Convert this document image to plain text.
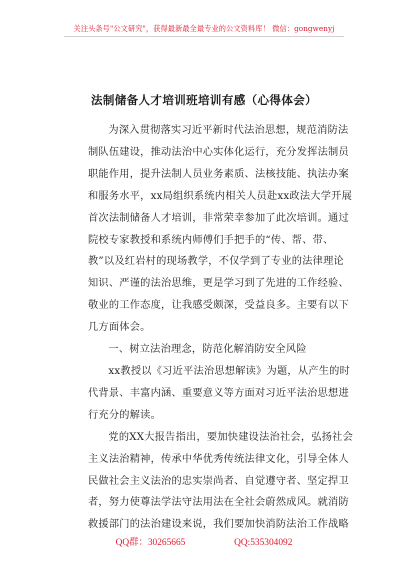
关注头条号"公文研究"，获得最新最全最专业的公文资料库！ 微信：gongwenyj
法制储备人才培训班培训有感（心得体会）
为深入贯彻落实习近平新时代法治思想，规范消防法
制队伍建设，推动法治中心实体化运行，充分发挥法制员
职能作用，提升法制人员业务素质、法核技能、执法办案
和服务水平，xx局组织系统内相关人员赴xx政法大学开展
首次法制储备人才培训，非常荣幸参加了此次培训。通过
院校专家教授和系统内师傅们手把手的“传、帮、带、
教”以及红岩村的现场教学，不仅学到了专业的法律理论
知识、严谨的法治思维，更是学习到了先进的工作经验、
敬业的工作态度，让我感受颇深，受益良多。主要有以下
几方面体会。
一、树立法治理念，防范化解消防安全风险
xx教授以《习近平法治思想解读》为题，从产生的时
代背景、丰富内涵、重要意义等方面对习近平法治思想进
行充分的解读。
党的XX大报告指出，要加快建设法治社会，弘扬社会
主义法治精神，传承中华优秀传统法律文化，引导全体人
民做社会主义法治的忠实崇尚者、自觉遵守者、坚定捍卫
者，努力使尊法学法守法用法在全社会蔚然成风。就消防
救援部门的法治建设来说，我们要加快消防法治工作战略
QQ群：30265665	QQ:535304092
